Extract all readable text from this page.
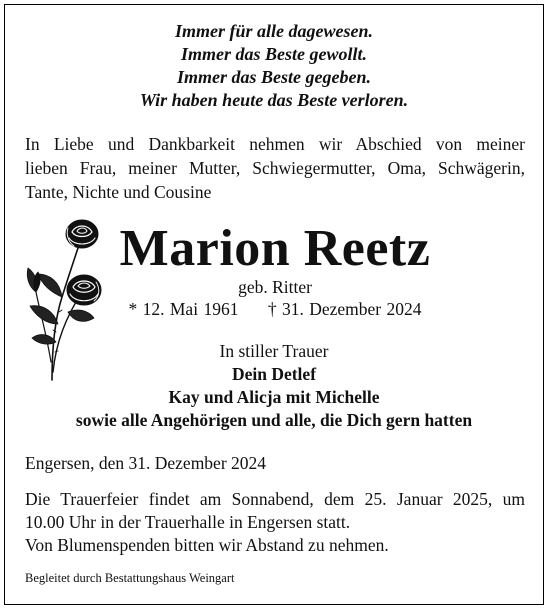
Immer für alle dagewesen.
Immer das Beste gewollt.
Immer das Beste gegeben.
Wir haben heute das Beste verloren.
In Liebe und Dankbarkeit nehmen wir Abschied von meiner
lieben Frau, meiner Mutter, Schwiegermutter, Oma, Schwägerin,
Tante, Nichte und Cousine
Marion Reetz
geb. Ritter
* 12. Mai 1961 † 31. Dezember 2024
In stiller Trauer
Dein Detlef
Kay und Alicja mit Michelle
sowie alle Angehörigen und alle, die Dich gern hatten
Engersen, den 31. Dezember 2024
Die Trauerfeier findet am Sonnabend, dem 25. Januar 2025, um
10.00 Uhr in der Trauerhalle in Engersen statt.
Von Blumenspenden bitten wir Abstand zu nehmen.
Begleitet durch Bestattungshaus Weingart
